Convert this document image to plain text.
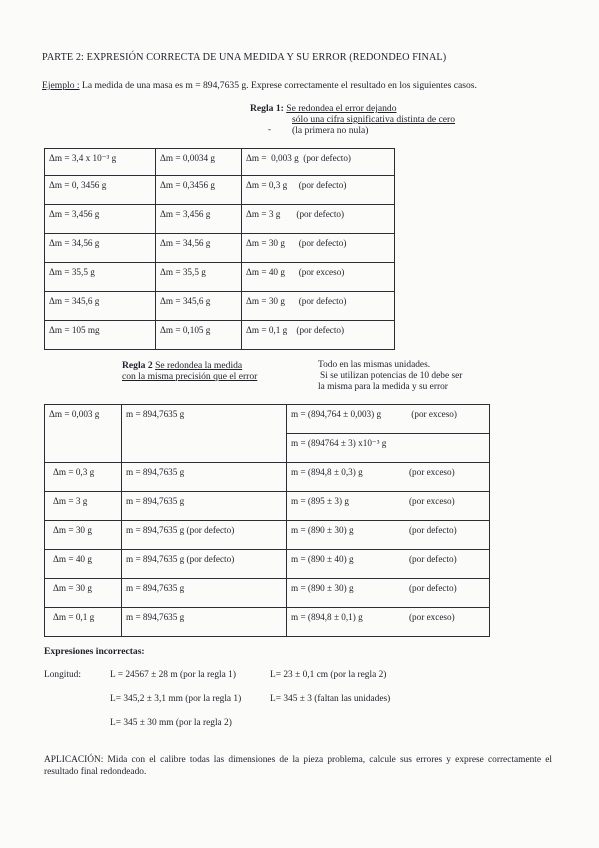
PARTE 2: EXPRESIÓN CORRECTA DE UNA MEDIDA Y SU ERROR (REDONDEO FINAL)
Ejemplo : La medida de una masa es m = 894,7635 g. Exprese correctamente el resultado en los siguientes casos.
Regla 1: Se redondea el error dejando
sólo una cifra significativa distinta de cero
(la primera no nula)
-
Δm = 3,4 x 10⁻³ g	Δm = 0,0034 g	Δm =  0,003 g  (por defecto)
Δm = 0, 3456 g	Δm = 0,3456 g	Δm = 0,3 g     (por defecto)
Δm = 3,456 g	Δm = 3,456 g	Δm = 3 g       (por defecto)
Δm = 34,56 g	Δm = 34,56 g	Δm = 30 g      (por defecto)
Δm = 35,5 g	Δm = 35,5 g	Δm = 40 g      (por exceso)
Δm = 345,6 g	Δm = 345,6 g	Δm = 30 g      (por defecto)
Δm = 105 mg	Δm = 0,105 g	Δm = 0,1 g    (por defecto)
Regla 2 Se redondea la medida
con la misma precisión que el error
Todo en las mismas unidades.
Si se utilizan potencias de 10 debe ser
la misma para la medida y su error
Δm = 0,003 g	m = 894,7635 g	m = (894,764 ± 0,003) g (por exceso)
		m = (894764 ± 3) x10⁻³ g
Δm = 0,3 g	m = 894,7635 g	m = (894,8 ± 0,3) g (por exceso)
Δm = 3 g	m = 894,7635 g	m = (895 ± 3) g (por exceso)
Δm = 30 g	m = 894,7635 g (por defecto)	m = (890 ± 30) g (por defecto)
Δm = 40 g	m = 894,7635 g (por defecto)	m = (890 ± 40) g (por defecto)
Δm = 30 g	m = 894,7635 g	m = (890 ± 30) g (por defecto)
Δm = 0,1 g	m = 894,7635 g	m = (894,8 ± 0,1) g (por exceso)
Expresiones incorrectas:
Longitud:	L = 24567 ± 28 m (por la regla 1)	L= 23 ± 0,1 cm (por la regla 2)
L= 345,2 ± 3,1 mm (por la regla 1)	L= 345 ± 3 (faltan las unidades)
L= 345 ± 30 mm (por la regla 2)
APLICACIÓN: Mida con el calibre todas las dimensiones de la pieza problema, calcule sus errores y exprese correctamente el resultado final redondeado.
